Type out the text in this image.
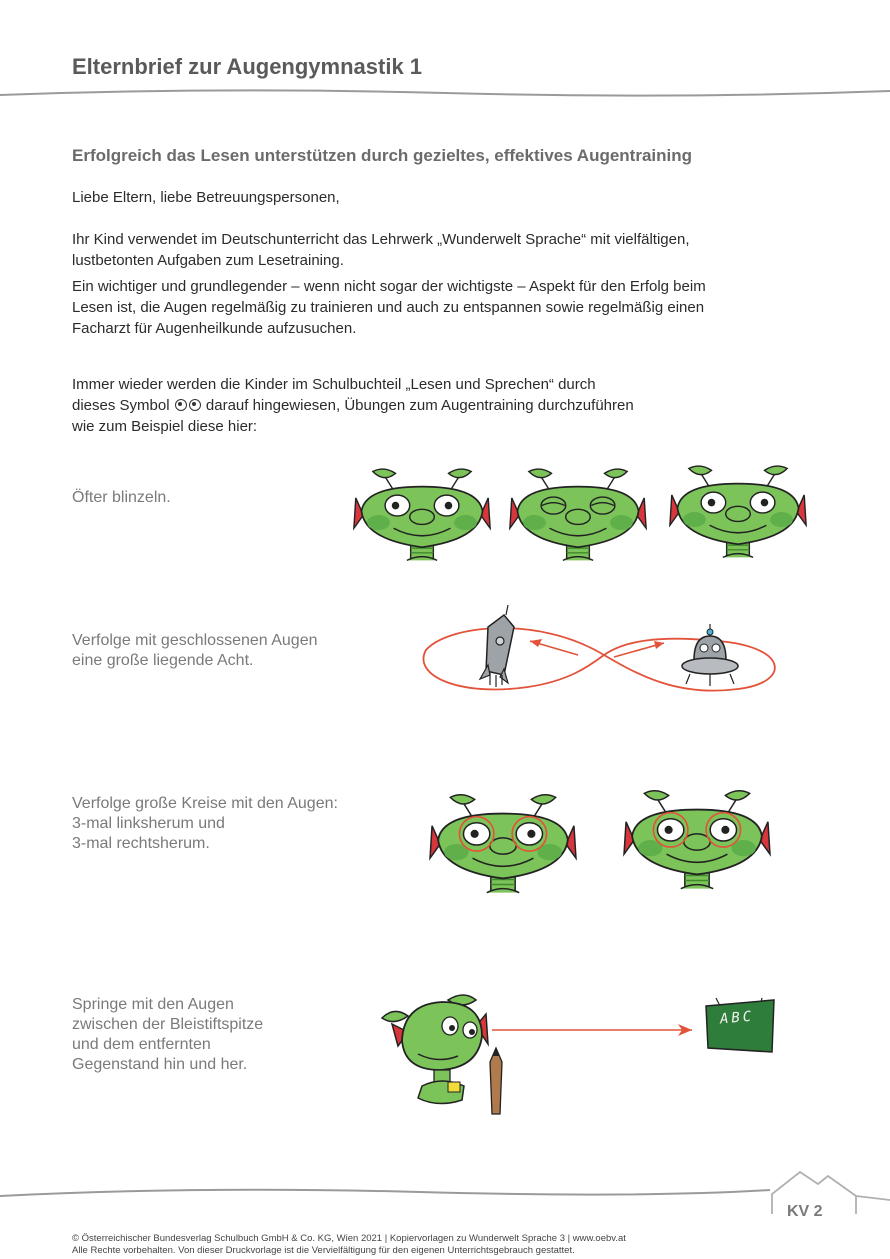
Elternbrief zur Augengymnastik 1
Erfolgreich das Lesen unterstützen durch gezieltes, effektives Augentraining
Liebe Eltern, liebe Betreuungspersonen,
Ihr Kind verwendet im Deutschunterricht das Lehrwerk „Wunderwelt Sprache“ mit vielfältigen,
lustbetonten Aufgaben zum Lesetraining.
Ein wichtiger und grundlegender – wenn nicht sogar der wichtigste – Aspekt für den Erfolg beim
Lesen ist, die Augen regelmäßig zu trainieren und auch zu entspannen sowie regelmäßig einen
Facharzt für Augenheilkunde aufzusuchen.
Immer wieder werden die Kinder im Schulbuchteil „Lesen und Sprechen“ durch
dieses Symbol darauf hingewiesen, Übungen zum Augentraining durchzuführen
wie zum Beispiel diese hier:
Öfter blinzeln.
Verfolge mit geschlossenen Augen
eine große liegende Acht.
Verfolge große Kreise mit den Augen:
3-mal linksherum und
3-mal rechtsherum.
Springe mit den Augen
zwischen der Bleistiftspitze
und dem entfernten
Gegenstand hin und her.
ABC
KV 2
© Österreichischer Bundesverlag Schulbuch GmbH & Co. KG, Wien 2021 | Kopiervorlagen zu Wunderwelt Sprache 3 | www.oebv.at
Alle Rechte vorbehalten. Von dieser Druckvorlage ist die Vervielfältigung für den eigenen Unterrichtsgebrauch gestattet.
